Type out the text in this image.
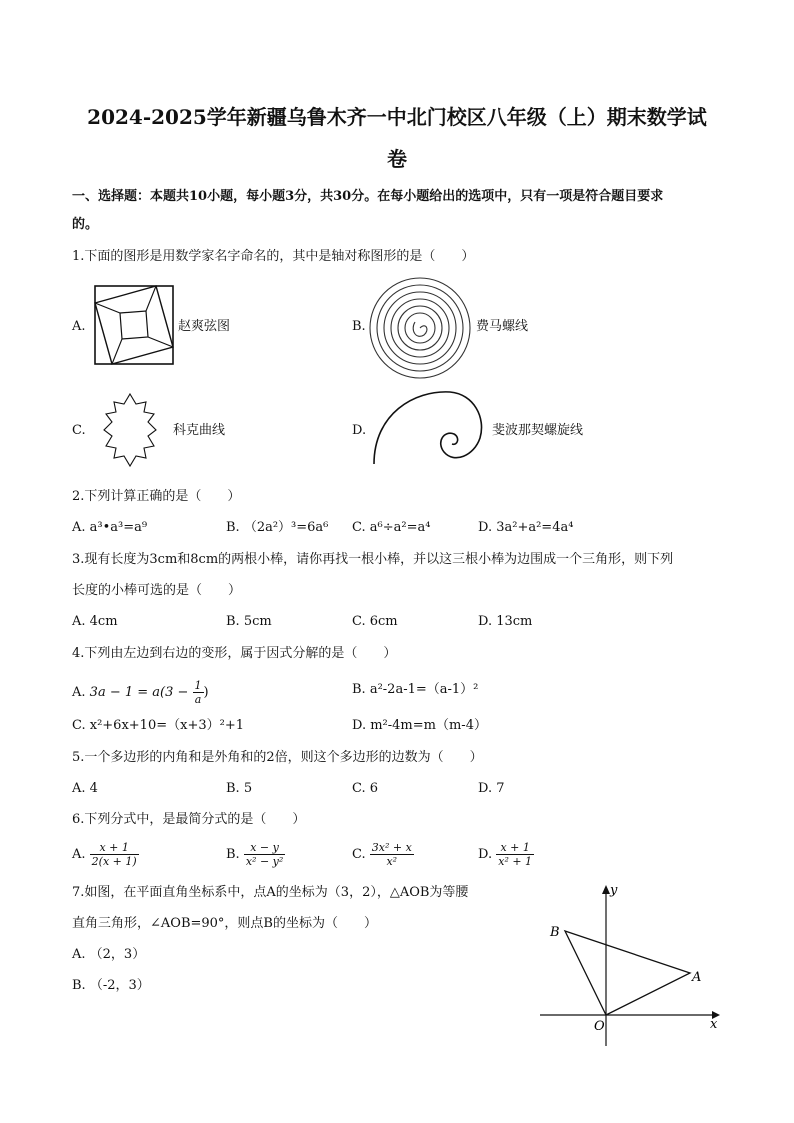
2024-2025学年新疆乌鲁木齐一中北门校区八年级（上）期末数学试
卷
一、选择题：本题共10小题，每小题3分，共30分。在每小题给出的选项中，只有一项是符合题目要求
的。
1.下面的图形是用数学家名字命名的，其中是轴对称图形的是（　　）
A.	赵爽弦图	B.	费马螺线
C.	科克曲线	D.	斐波那契螺旋线
2.下列计算正确的是（　　）
A. a³•a³=a⁹	B. （2a²）³=6a⁶ C. a⁶÷a²=a⁴	D. 3a²+a²=4a⁴
3.现有长度为3cm和8cm的两根小棒，请你再找一根小棒，并以这三根小棒为边围成一个三角形，则下列
长度的小棒可选的是（　　）
A. 4cm	B. 5cm	C. 6cm	D. 13cm
4.下列由左边到右边的变形，属于因式分解的是（　　）
A. $3a - 1 = a(3 - \frac{1}{a}$ )	B. a²-2a-1=（a-1）²
C. x²+6x+10=（x+3）²+1	D. m²-4m=m（m-4）
5.一个多边形的内角和是外角和的2倍，则这个多边形的边数为（　　）
A. 4	B. 5	C. 6	D. 7
6.下列分式中，是最简分式的是（　　）
A. $\frac{x + 1}{2(x + 1)}$	B. $\frac{x - y}{\text{x² − y²}}$	C. $\frac{\text{3x² + x}}{\text{x²}}$	D. $\frac{x + 1}{\text{x² + 1}}$
7.如图，在平面直角坐标系中，点A的坐标为（3，2），△AOB为等腰
直角三角形，∠AOB=90°，则点B的坐标为（　　）
A. （2，3）
B. （-2，3）
y
x
O
A
B
